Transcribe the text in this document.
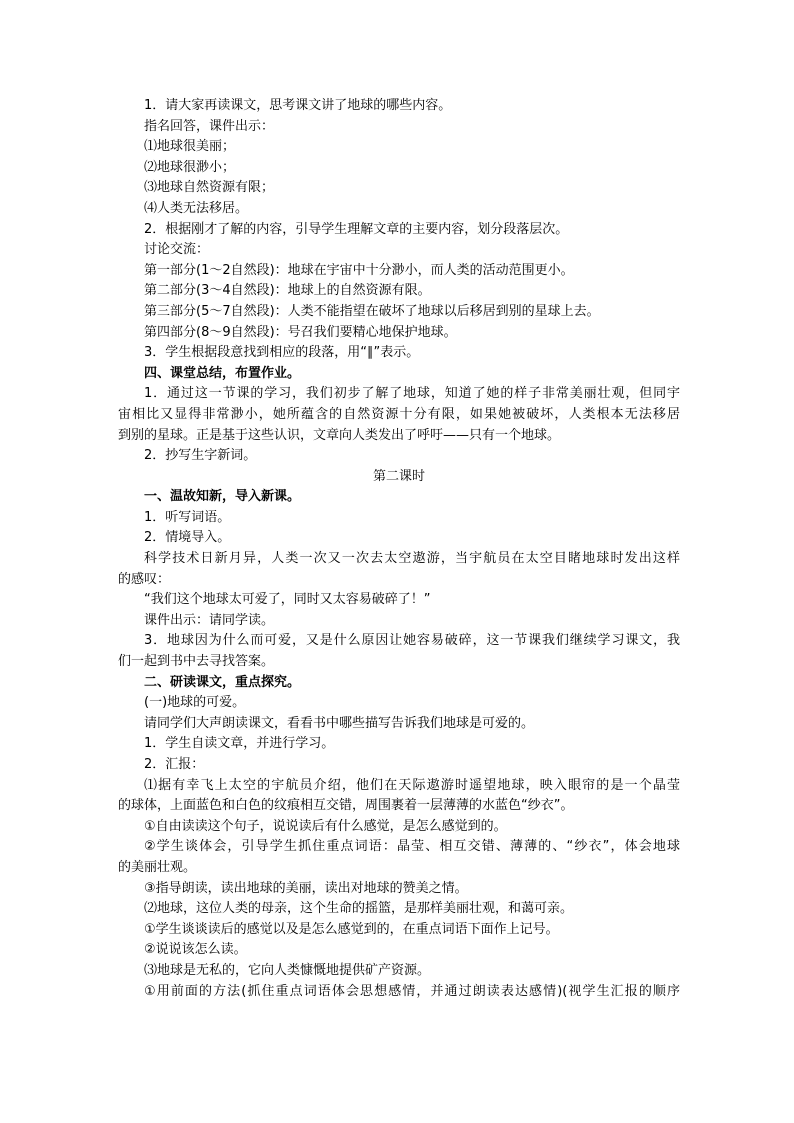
1．请大家再读课文，思考课文讲了地球的哪些内容。
指名回答，课件出示：
⑴地球很美丽；
⑵地球很渺小；
⑶地球自然资源有限；
⑷人类无法移居。
2．根据刚才了解的内容，引导学生理解文章的主要内容，划分段落层次。
讨论交流：
第一部分(1～2自然段)：地球在宇宙中十分渺小，而人类的活动范围更小。
第二部分(3～4自然段)：地球上的自然资源有限。
第三部分(5～7自然段)：人类不能指望在破坏了地球以后移居到别的星球上去。
第四部分(8～9自然段)：号召我们要精心地保护地球。
3．学生根据段意找到相应的段落，用“∥”表示。
四、课堂总结，布置作业。
1．通过这一节课的学习，我们初步了解了地球，知道了她的样子非常美丽壮观，但同宇
宙相比又显得非常渺小，她所蕴含的自然资源十分有限，如果她被破坏，人类根本无法移居
到别的星球。正是基于这些认识，文章向人类发出了呼吁——只有一个地球。
2．抄写生字新词。
第二课时
一、温故知新，导入新课。
1．听写词语。
2．情境导入。
科学技术日新月异，人类一次又一次去太空遨游，当宇航员在太空目睹地球时发出这样
的感叹：
“我们这个地球太可爱了，同时又太容易破碎了！”
课件出示：请同学读。
3．地球因为什么而可爱，又是什么原因让她容易破碎，这一节课我们继续学习课文，我
们一起到书中去寻找答案。
二、研读课文，重点探究。
(一)地球的可爱。
请同学们大声朗读课文，看看书中哪些描写告诉我们地球是可爱的。
1．学生自读文章，并进行学习。
2．汇报：
⑴据有幸飞上太空的宇航员介绍，他们在天际遨游时遥望地球，映入眼帘的是一个晶莹
的球体，上面蓝色和白色的纹痕相互交错，周围裹着一层薄薄的水蓝色“纱衣”。
①自由读读这个句子，说说读后有什么感觉，是怎么感觉到的。
②学生谈体会，引导学生抓住重点词语：晶莹、相互交错、薄薄的、“纱衣”，体会地球
的美丽壮观。
③指导朗读，读出地球的美丽，读出对地球的赞美之情。
⑵地球，这位人类的母亲，这个生命的摇篮，是那样美丽壮观，和蔼可亲。
①学生谈谈读后的感觉以及是怎么感觉到的，在重点词语下面作上记号。
②说说该怎么读。
⑶地球是无私的，它向人类慷慨地提供矿产资源。
①用前面的方法(抓住重点词语体会思想感情，并通过朗读表达感情)(视学生汇报的顺序
